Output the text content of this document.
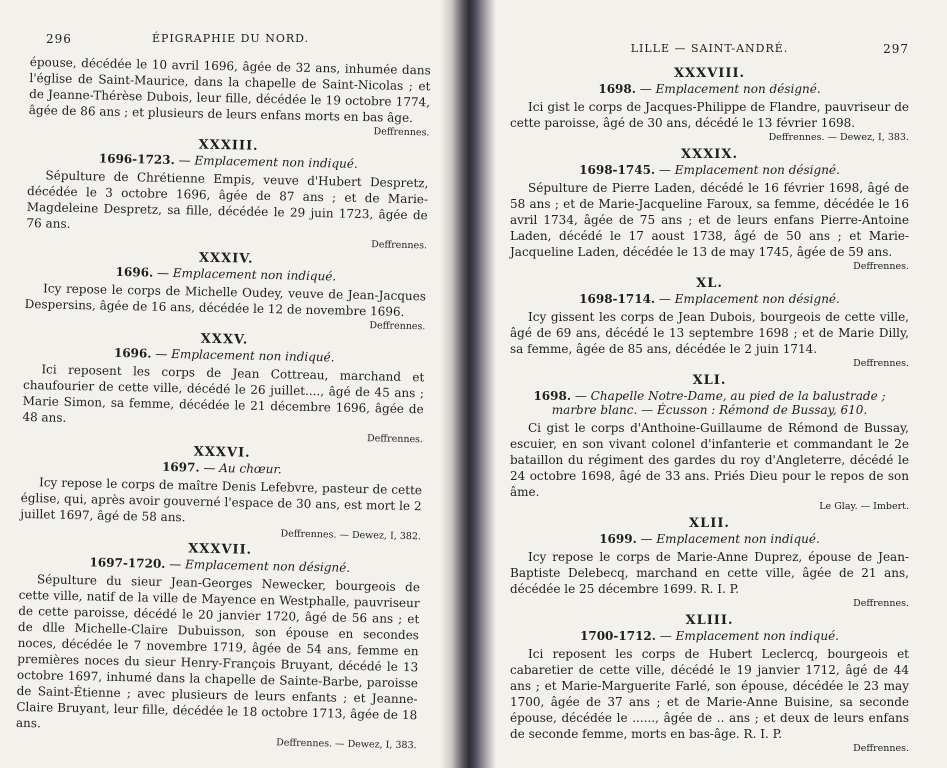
296	ÉPIGRAPHIE DU NORD.

épouse, décédée le 10 avril 1696, âgée de 32 ans, inhumée dans l'église de Saint-Maurice, dans la chapelle de Saint-Nicolas ; et de Jeanne-Thérèse Dubois, leur fille, décédée le 19 octobre 1774, âgée de 86 ans ; et plusieurs de leurs enfans morts en bas âge.

Deffrennes.
XXXIII.
1696-1723. — Emplacement non indiqué.

Sépulture de Chrétienne Empis, veuve d'Hubert Despretz, décédée le 3 octobre 1696, âgée de 87 ans ; et de Marie-Magdeleine Despretz, sa fille, décédée le 29 juin 1723, âgée de 76 ans.

Deffrennes.
XXXIV.
1696. — Emplacement non indiqué.

Icy repose le corps de Michelle Oudey, veuve de Jean-Jacques Despersins, âgée de 16 ans, décédée le 12 de novembre 1696.

Deffrennes.
XXXV.
1696. — Emplacement non indiqué.

Ici reposent les corps de Jean Cottreau, marchand et chaufourier de cette ville, décédé le 26 juillet...., âgé de 45 ans ; Marie Simon, sa femme, décédée le 21 décembre 1696, âgée de 48 ans.

Deffrennes.
XXXVI.
1697. — Au chœur.

Icy repose le corps de maître Denis Lefebvre, pasteur de cette église, qui, après avoir gouverné l'espace de 30 ans, est mort le 2 juillet 1697, âgé de 58 ans.

Deffrennes. — Dewez, I, 382.
XXXVII.
1697-1720. — Emplacement non désigné.

Sépulture du sieur Jean-Georges Newecker, bourgeois de cette ville, natif de la ville de Mayence en Westphalle, pauvriseur de cette paroisse, décédé le 20 janvier 1720, âgé de 56 ans ; et de dlle Michelle-Claire Dubuisson, son épouse en secondes noces, décédée le 7 novembre 1719, âgée de 54 ans, femme en premières noces du sieur Henry-François Bruyant, décédé le 13 octobre 1697, inhumé dans la chapelle de Sainte-Barbe, paroisse de Saint-Étienne ; avec plusieurs de leurs enfants ; et Jeanne-Claire Bruyant, leur fille, décédée le 18 octobre 1713, âgée de 18 ans.

Deffrennes. — Dewez, I, 383.
LILLE — SAINT-ANDRÉ.	297
XXXVIII.
1698. — Emplacement non désigné.

Ici gist le corps de Jacques-Philippe de Flandre, pauvriseur de cette paroisse, âgé de 30 ans, décédé le 13 février 1698.

Deffrennes. — Dewez, I, 383.
XXXIX.
1698-1745. — Emplacement non désigné.

Sépulture de Pierre Laden, décédé le 16 février 1698, âgé de 58 ans ; et de Marie-Jacqueline Faroux, sa femme, décédée le 16 avril 1734, âgée de 75 ans ; et de leurs enfans Pierre-Antoine Laden, décédé le 17 aoust 1738, âgé de 50 ans ; et Marie-Jacqueline Laden, décédée le 13 de may 1745, âgée de 59 ans.

Deffrennes.
XL.
1698-1714. — Emplacement non désigné.

Icy gissent les corps de Jean Dubois, bourgeois de cette ville, âgé de 69 ans, décédé le 13 septembre 1698 ; et de Marie Dilly, sa femme, âgée de 85 ans, décédée le 2 juin 1714.

Deffrennes.
XLI.
1698. — Chapelle Notre-Dame, au pied de la balustrade ; marbre blanc. — Écusson : Rémond de Bussay, 610.

Ci gist le corps d'Anthoine-Guillaume de Rémond de Bussay, escuier, en son vivant colonel d'infanterie et commandant le 2e bataillon du régiment des gardes du roy d'Angleterre, décédé le 24 octobre 1698, âgé de 33 ans. Priés Dieu pour le repos de son âme.

Le Glay. — Imbert.
XLII.
1699. — Emplacement non indiqué.

Icy repose le corps de Marie-Anne Duprez, épouse de Jean-Baptiste Delebecq, marchand en cette ville, âgée de 21 ans, décédée le 25 décembre 1699. R. I. P.

Deffrennes.
XLIII.
1700-1712. — Emplacement non indiqué.

Ici reposent les corps de Hubert Leclercq, bourgeois et cabaretier de cette ville, décédé le 19 janvier 1712, âgé de 44 ans ; et Marie-Marguerite Farlé, son épouse, décédée le 23 may 1700, âgée de 37 ans ; et de Marie-Anne Buisine, sa seconde épouse, décédée le ......, âgée de .. ans ; et deux de leurs enfans de seconde femme, morts en bas-âge. R. I. P.

Deffrennes.
